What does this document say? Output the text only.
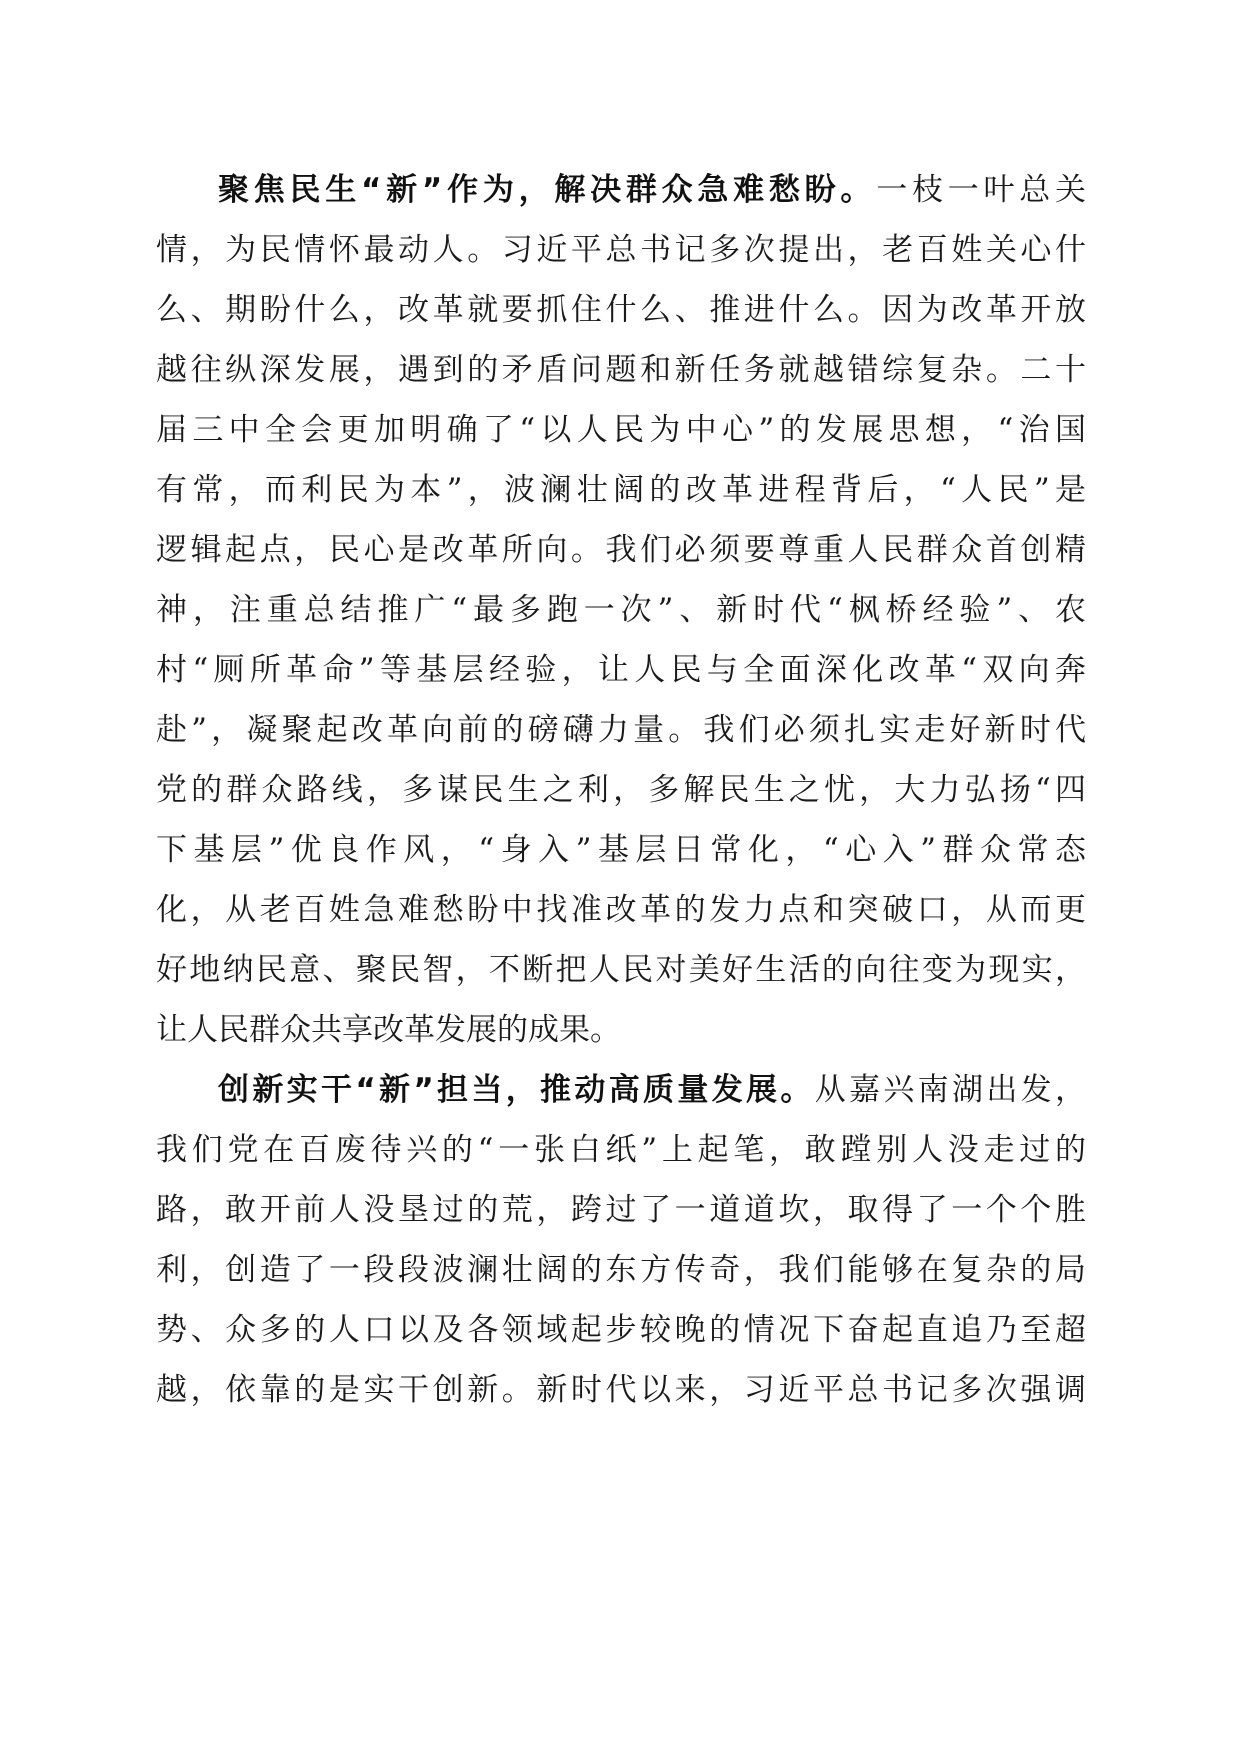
聚焦民生“新”作为，解决群众急难愁盼。一枝一叶总关
情，为民情怀最动人。习近平总书记多次提出，老百姓关心什
么、期盼什么，改革就要抓住什么、推进什么。因为改革开放
越往纵深发展，遇到的矛盾问题和新任务就越错综复杂。二十
届三中全会更加明确了“以人民为中心”的发展思想，“治国
有常，而利民为本”，波澜壮阔的改革进程背后，“人民”是
逻辑起点，民心是改革所向。我们必须要尊重人民群众首创精
神，注重总结推广“最多跑一次”、新时代“枫桥经验”、农
村“厕所革命”等基层经验，让人民与全面深化改革“双向奔
赴”，凝聚起改革向前的磅礴力量。我们必须扎实走好新时代
党的群众路线，多谋民生之利，多解民生之忧，大力弘扬“四
下基层”优良作风，“身入”基层日常化，“心入”群众常态
化，从老百姓急难愁盼中找准改革的发力点和突破口，从而更
好地纳民意、聚民智，不断把人民对美好生活的向往变为现实，
让人民群众共享改革发展的成果。
创新实干“新”担当，推动高质量发展。从嘉兴南湖出发，
我们党在百废待兴的“一张白纸”上起笔，敢蹚别人没走过的
路，敢开前人没垦过的荒，跨过了一道道坎，取得了一个个胜
利，创造了一段段波澜壮阔的东方传奇，我们能够在复杂的局
势、众多的人口以及各领域起步较晚的情况下奋起直追乃至超
越，依靠的是实干创新。新时代以来，习近平总书记多次强调
